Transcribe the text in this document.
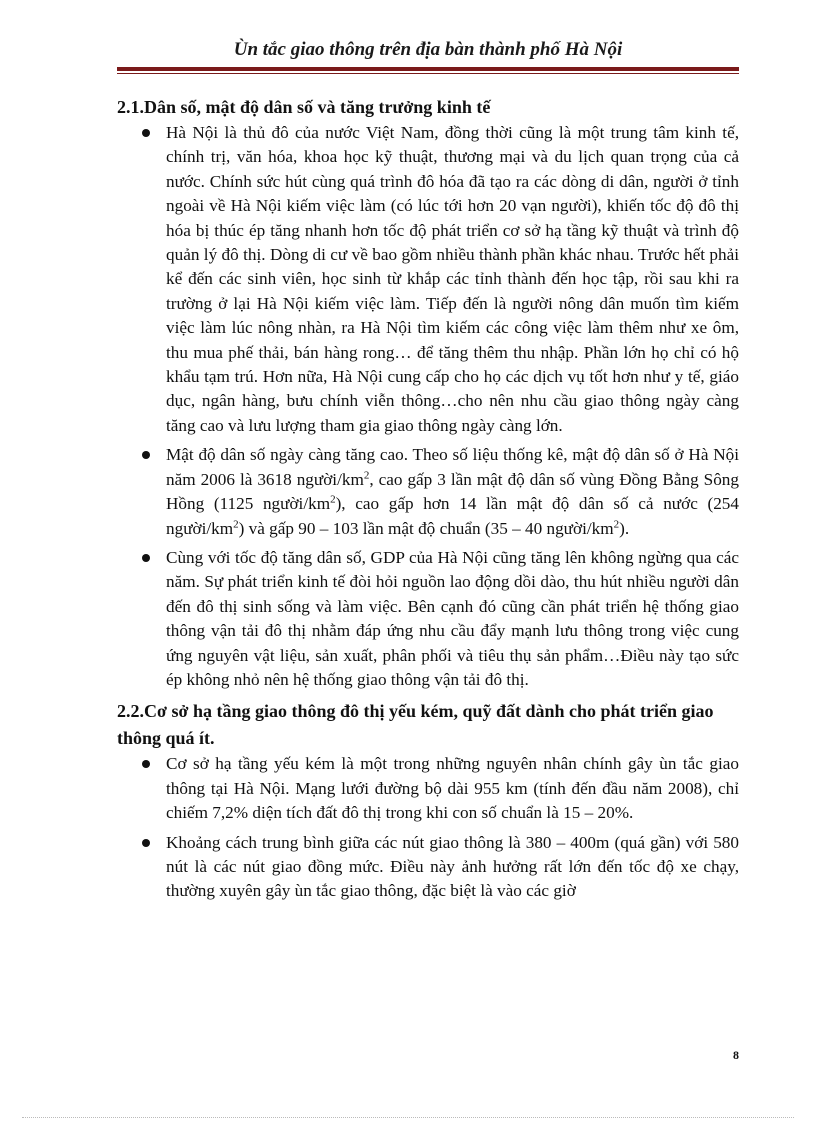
Ùn tắc giao thông trên địa bàn thành phố Hà Nội
2.1.Dân số, mật độ dân số và tăng trưởng kinh tế
Hà Nội là thủ đô của nước Việt Nam, đồng thời cũng là một trung tâm kinh tế, chính trị, văn hóa, khoa học kỹ thuật, thương mại và du lịch quan trọng của cả nước. Chính sức hút cùng quá trình đô hóa đã tạo ra các dòng di dân, người ở tỉnh ngoài về Hà Nội kiếm việc làm (có lúc tới hơn 20 vạn người), khiến tốc độ đô thị hóa bị thúc ép tăng nhanh hơn tốc độ phát triển cơ sở hạ tầng kỹ thuật và trình độ quản lý đô thị. Dòng di cư về bao gồm nhiều thành phần khác nhau. Trước hết phải kể đến các sinh viên, học sinh từ khắp các tỉnh thành đến học tập, rồi sau khi ra trường ở lại Hà Nội kiếm việc làm. Tiếp đến là người nông dân muốn tìm kiếm việc làm lúc nông nhàn, ra Hà Nội tìm kiếm các công việc làm thêm như xe ôm, thu mua phế thải, bán hàng rong… để tăng thêm thu nhập. Phần lớn họ chỉ có hộ khẩu tạm trú. Hơn nữa, Hà Nội cung cấp cho họ các dịch vụ tốt hơn như y tế, giáo dục, ngân hàng, bưu chính viễn thông…cho nên nhu cầu giao thông ngày càng tăng cao và lưu lượng tham gia giao thông ngày càng lớn.
Mật độ dân số ngày càng tăng cao. Theo số liệu thống kê, mật độ dân số ở Hà Nội năm 2006 là 3618 người/$km^2$, cao gấp 3 lần mật độ dân số vùng Đồng Bằng Sông Hồng (1125 người/$km^2$), cao gấp hơn 14 lần mật độ dân số cả nước (254 người/$km^2$) và gấp 90 – 103 lần mật độ chuẩn (35 – 40 người/$km^2$).
Cùng với tốc độ tăng dân số, GDP của Hà Nội cũng tăng lên không ngừng qua các năm. Sự phát triển kinh tế đòi hỏi nguồn lao động dồi dào, thu hút nhiều người dân đến đô thị sinh sống và làm việc. Bên cạnh đó cũng cần phát triển hệ thống giao thông vận tải đô thị nhằm đáp ứng nhu cầu đẩy mạnh lưu thông trong việc cung ứng nguyên vật liệu, sản xuất, phân phối và tiêu thụ sản phẩm…Điều này tạo sức ép không nhỏ nên hệ thống giao thông vận tải đô thị.
2.2.Cơ sở hạ tầng giao thông đô thị yếu kém, quỹ đất dành cho phát triển giao thông quá ít.
Cơ sở hạ tầng yếu kém là một trong những nguyên nhân chính gây ùn tắc giao thông tại Hà Nội. Mạng lưới đường bộ dài 955 km (tính đến đầu năm 2008), chỉ chiếm 7,2% diện tích đất đô thị trong khi con số chuẩn là 15 – 20%.
Khoảng cách trung bình giữa các nút giao thông là 380 – 400m (quá gần) với 580 nút là các nút giao đồng mức. Điều này ảnh hưởng rất lớn đến tốc độ xe chạy, thường xuyên gây ùn tắc giao thông, đặc biệt là vào các giờ
8
